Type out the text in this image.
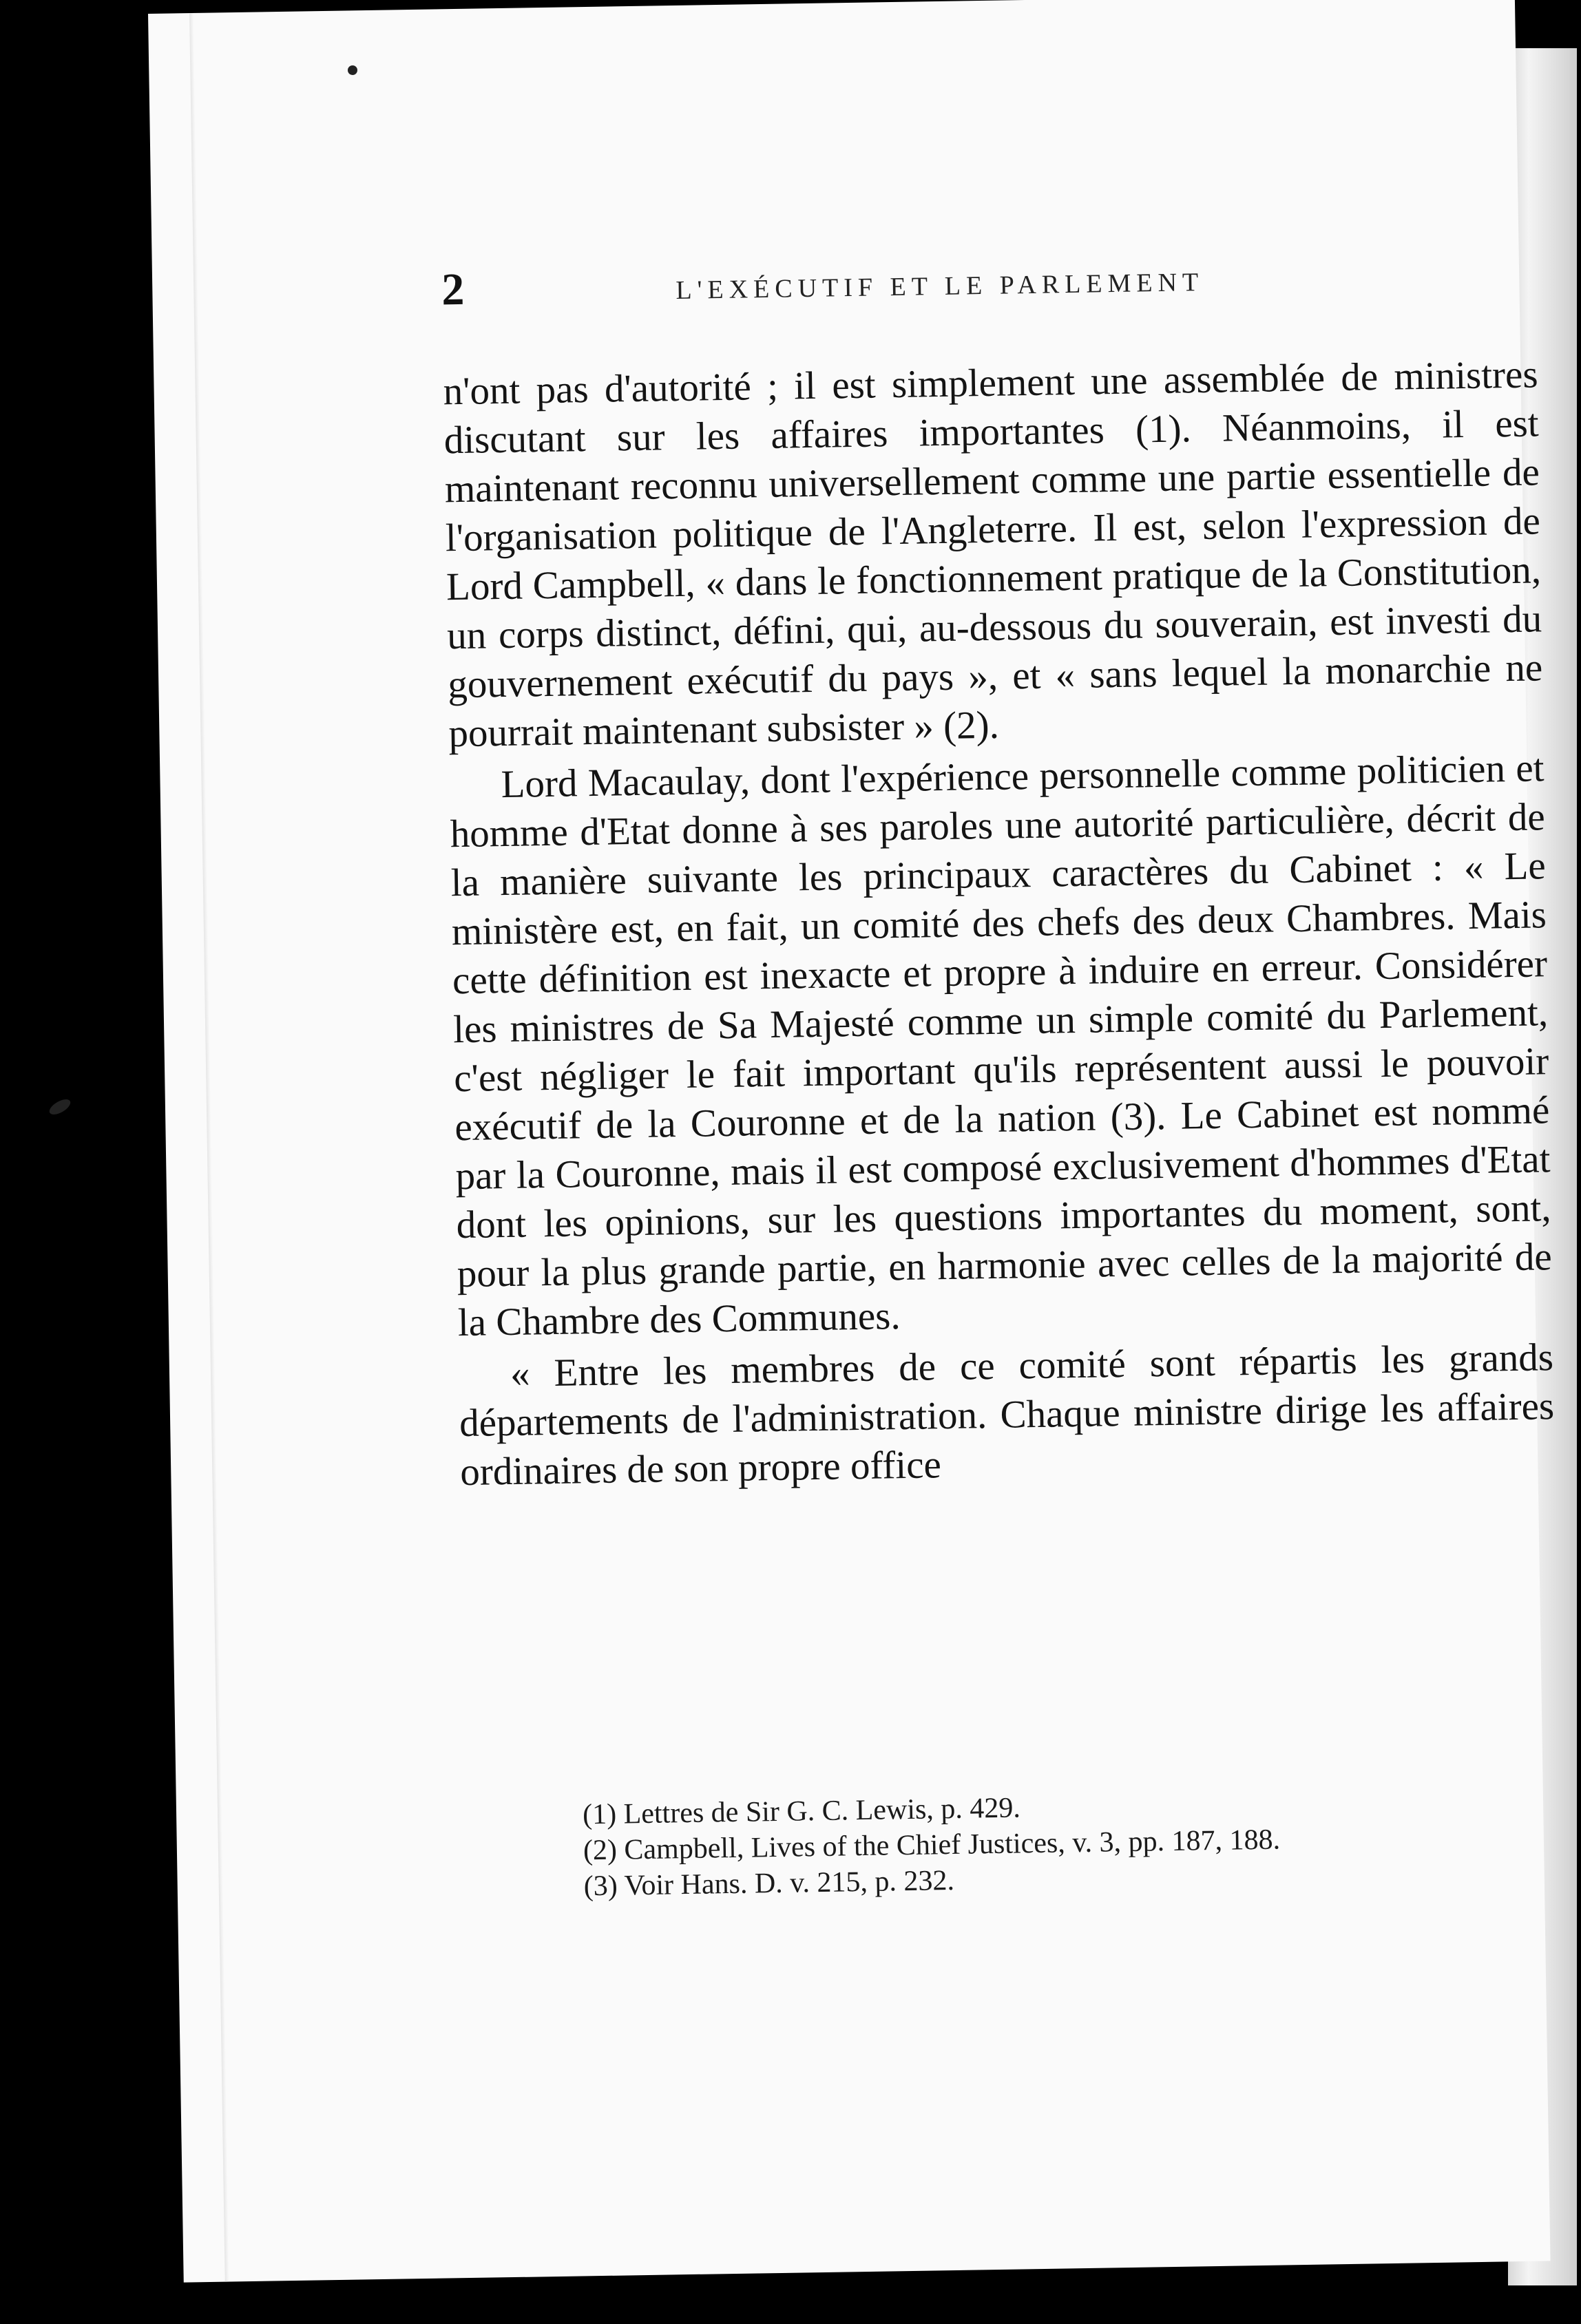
2	L'EXÉCUTIF ET LE PARLEMENT

n'ont pas d'autorité ; il est simplement une assemblée de ministres discutant sur les affaires importantes (1). Néanmoins, il est maintenant reconnu universellement comme une partie essentielle de l'organisation politique de l'Angleterre. Il est, selon l'expression de Lord Campbell, « dans le fonctionnement pratique de la Constitution, un corps distinct, défini, qui, au-dessous du souverain, est investi du gouvernement exécutif du pays », et « sans lequel la monarchie ne pourrait maintenant subsister » (2).

Lord Macaulay, dont l'expérience personnelle comme politicien et homme d'Etat donne à ses paroles une autorité particulière, décrit de la manière suivante les principaux caractères du Cabinet : « Le ministère est, en fait, un comité des chefs des deux Chambres. Mais cette définition est inexacte et propre à induire en erreur. Considérer les ministres de Sa Majesté comme un simple comité du Parlement, c'est négliger le fait important qu'ils représentent aussi le pouvoir exécutif de la Couronne et de la nation (3). Le Cabinet est nommé par la Couronne, mais il est composé exclusivement d'hommes d'Etat dont les opinions, sur les questions importantes du moment, sont, pour la plus grande partie, en harmonie avec celles de la majorité de la Chambre des Communes.

« Entre les membres de ce comité sont répartis les grands départements de l'administration. Chaque ministre dirige les affaires ordinaires de son propre office

(1) Lettres de Sir G. C. Lewis, p. 429.

(2) Campbell, Lives of the Chief Justices, v. 3, pp. 187, 188.

(3) Voir Hans. D. v. 215, p. 232.
